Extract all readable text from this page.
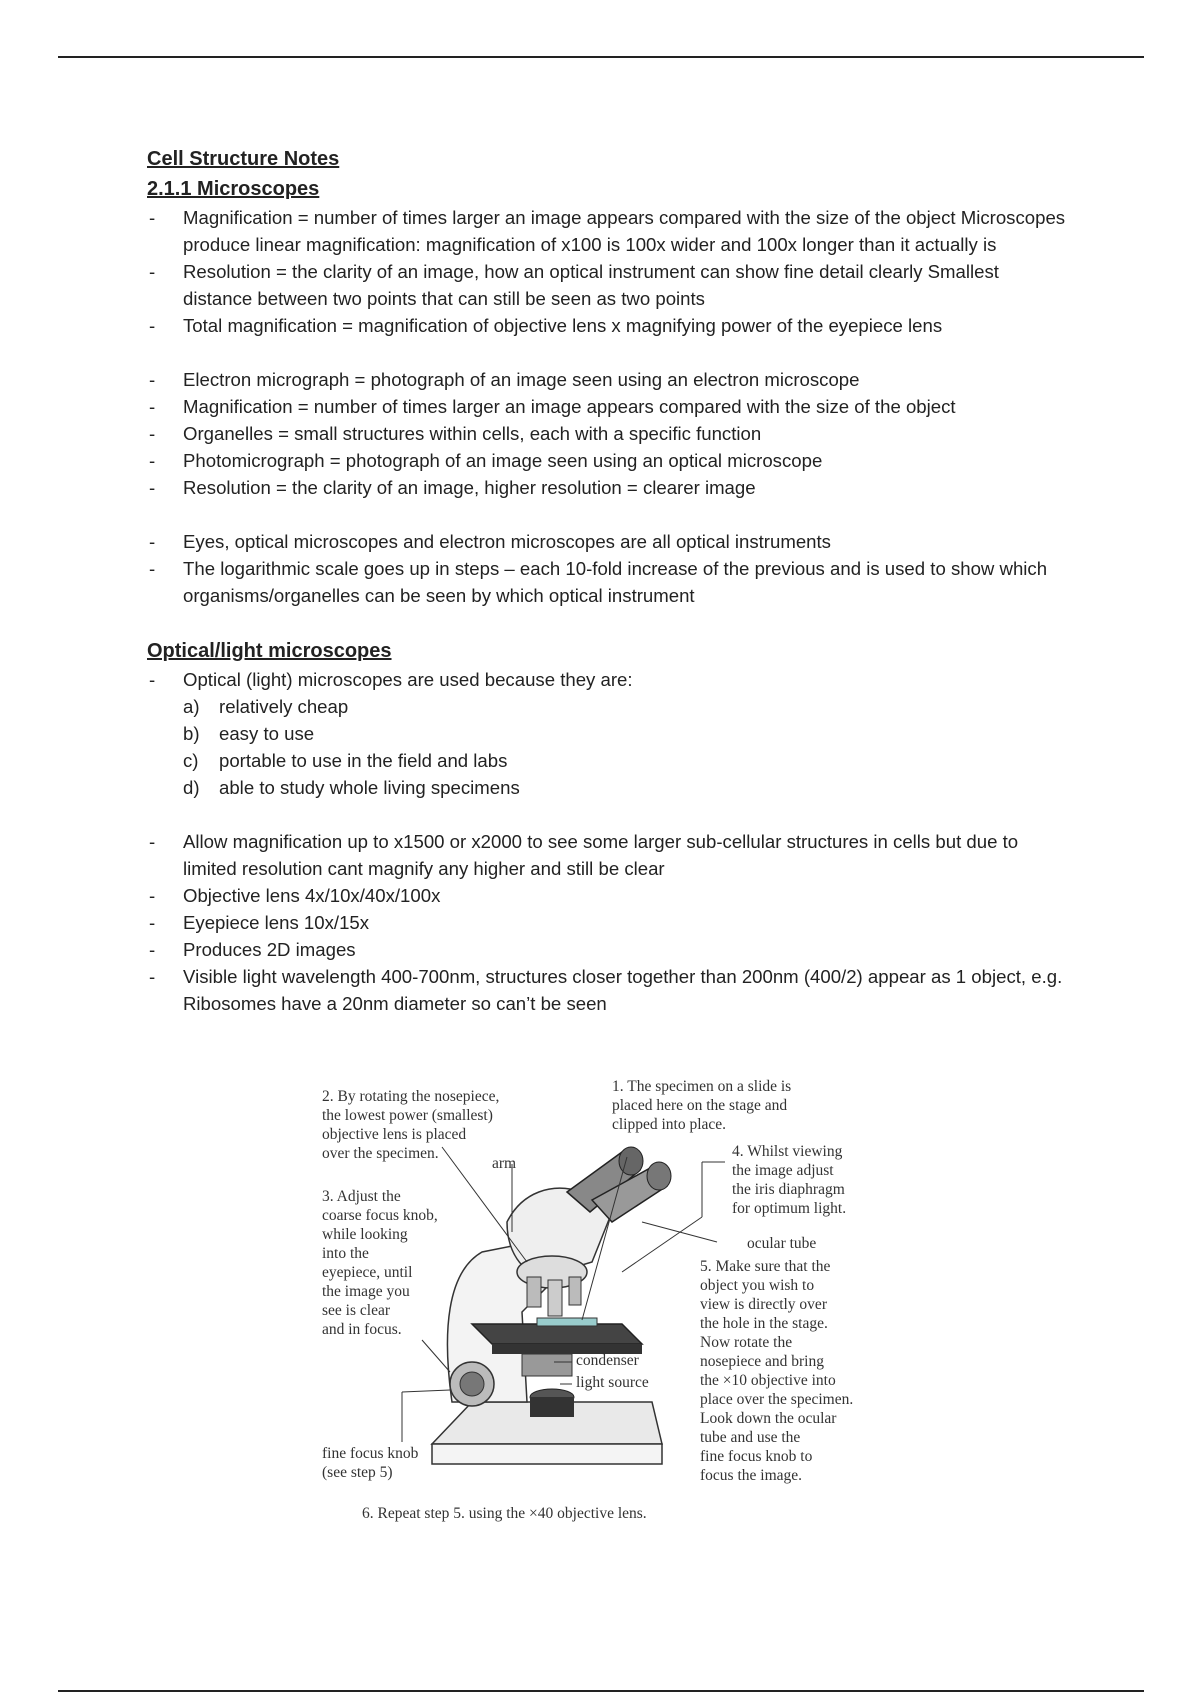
Cell Structure Notes
2.1.1 Microscopes
- Magnification = number of times larger an image appears compared with the size of the object Microscopes produce linear magnification: magnification of x100 is 100x wider and 100x longer than it actually is
- Resolution = the clarity of an image, how an optical instrument can show fine detail clearly Smallest distance between two points that can still be seen as two points
- Total magnification = magnification of objective lens x magnifying power of the eyepiece lens
- Electron micrograph = photograph of an image seen using an electron microscope
- Magnification = number of times larger an image appears compared with the size of the object
- Organelles = small structures within cells, each with a specific function
- Photomicrograph = photograph of an image seen using an optical microscope
- Resolution = the clarity of an image, higher resolution = clearer image
- Eyes, optical microscopes and electron microscopes are all optical instruments
- The logarithmic scale goes up in steps – each 10-fold increase of the previous and is used to show which organisms/organelles can be seen by which optical instrument
Optical/light microscopes
- Optical (light) microscopes are used because they are:
a) relatively cheap
b) easy to use
c) portable to use in the field and labs
d) able to study whole living specimens
- Allow magnification up to x1500 or x2000 to see some larger sub-cellular structures in cells but due to limited resolution cant magnify any higher and still be clear
- Objective lens 4x/10x/40x/100x
- Eyepiece lens 10x/15x
- Produces 2D images
- Visible light wavelength 400-700nm, structures closer together than 200nm (400/2) appear as 1 object, e.g. Ribosomes have a 20nm diameter so can’t be seen
2. By rotating the nosepiece,
the lowest power (smallest)
objective lens is placed
over the specimen.
1. The specimen on a slide is
placed here on the stage and
clipped into place.
4. Whilst viewing
the image adjust
the iris diaphragm
for optimum light.
3. Adjust the
coarse focus knob,
while looking
into the
eyepiece, until
the image you
see is clear
and in focus.
5. Make sure that the
object you wish to
view is directly over
the hole in the stage.
Now rotate the
nosepiece and bring
the ×10 objective into
place over the specimen.
Look down the ocular
tube and use the
fine focus knob to
focus the image.
6. Repeat step 5. using the ×40 objective lens.
arm
ocular tube
condenser
light source
fine focus knob
(see step 5)
